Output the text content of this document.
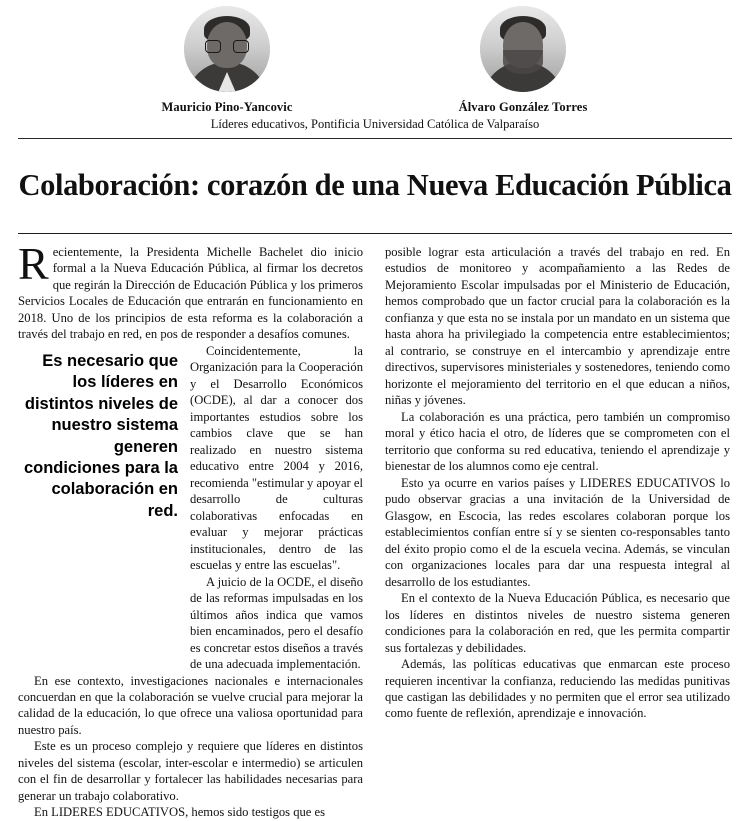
Mauricio Pino-Yancovic	Álvaro González Torres
Líderes educativos, Pontificia Universidad Católica de Valparaíso
Colaboración: corazón de una Nueva Educación Pública

Recientemente, la Presidenta Michelle Bachelet dio inicio formal a la Nueva Educación Pública, al firmar los decretos que regirán la Dirección de Educación Pública y los primeros Servicios Locales de Educación que entrarán en funcionamiento en 2018. Uno de los principios de esta reforma es la colaboración a través del trabajo en red, en pos de responder a desafíos comunes.

Es necesario que los líderes en distintos niveles de nuestro sistema generen condiciones para la colaboración en red.

Coincidentemente, la Organización para la Cooperación y el Desarrollo Económicos (OCDE), al dar a conocer dos importantes estudios sobre los cambios clave que se han realizado en nuestro sistema educativo entre 2004 y 2016, recomienda "estimular y apoyar el desarrollo de culturas colaborativas enfocadas en evaluar y mejorar prácticas institucionales, dentro de las escuelas y entre las escuelas".

A juicio de la OCDE, el diseño de las reformas impulsadas en los últimos años indica que vamos bien encaminados, pero el desafío es concretar estos diseños a través de una adecuada implementación.

En ese contexto, investigaciones nacionales e internacionales concuerdan en que la colaboración se vuelve crucial para mejorar la calidad de la educación, lo que ofrece una valiosa oportunidad para nuestro país.

Este es un proceso complejo y requiere que líderes en distintos niveles del sistema (escolar, inter-escolar e intermedio) se articulen con el fin de desarrollar y fortalecer las habilidades necesarias para generar un trabajo colaborativo.

En LIDERES EDUCATIVOS, hemos sido testigos que es

posible lograr esta articulación a través del trabajo en red. En estudios de monitoreo y acompañamiento a las Redes de Mejoramiento Escolar impulsadas por el Ministerio de Educación, hemos comprobado que un factor crucial para la colaboración es la confianza y que esta no se instala por un mandato en un sistema que hasta ahora ha privilegiado la competencia entre establecimientos; al contrario, se construye en el intercambio y aprendizaje entre directivos, supervisores ministeriales y sostenedores, teniendo como horizonte el mejoramiento del territorio en el que educan a niños, niñas y jóvenes.

La colaboración es una práctica, pero también un compromiso moral y ético hacia el otro, de líderes que se comprometen con el territorio que conforma su red educativa, teniendo el aprendizaje y bienestar de los alumnos como eje central.

Esto ya ocurre en varios países y LIDERES EDUCATIVOS lo pudo observar gracias a una invitación de la Universidad de Glasgow, en Escocia, las redes escolares colaboran porque los establecimientos confían entre sí y se sienten co-responsables tanto del éxito propio como el de la escuela vecina. Además, se vinculan con organizaciones locales para dar una respuesta integral al desarrollo de los estudiantes.

En el contexto de la Nueva Educación Pública, es necesario que los líderes en distintos niveles de nuestro sistema generen condiciones para la colaboración en red, que les permita compartir sus fortalezas y debilidades.

Además, las políticas educativas que enmarcan este proceso requieren incentivar la confianza, reduciendo las medidas punitivas que castigan las debilidades y no permiten que el error sea utilizado como fuente de reflexión, aprendizaje e innovación.
